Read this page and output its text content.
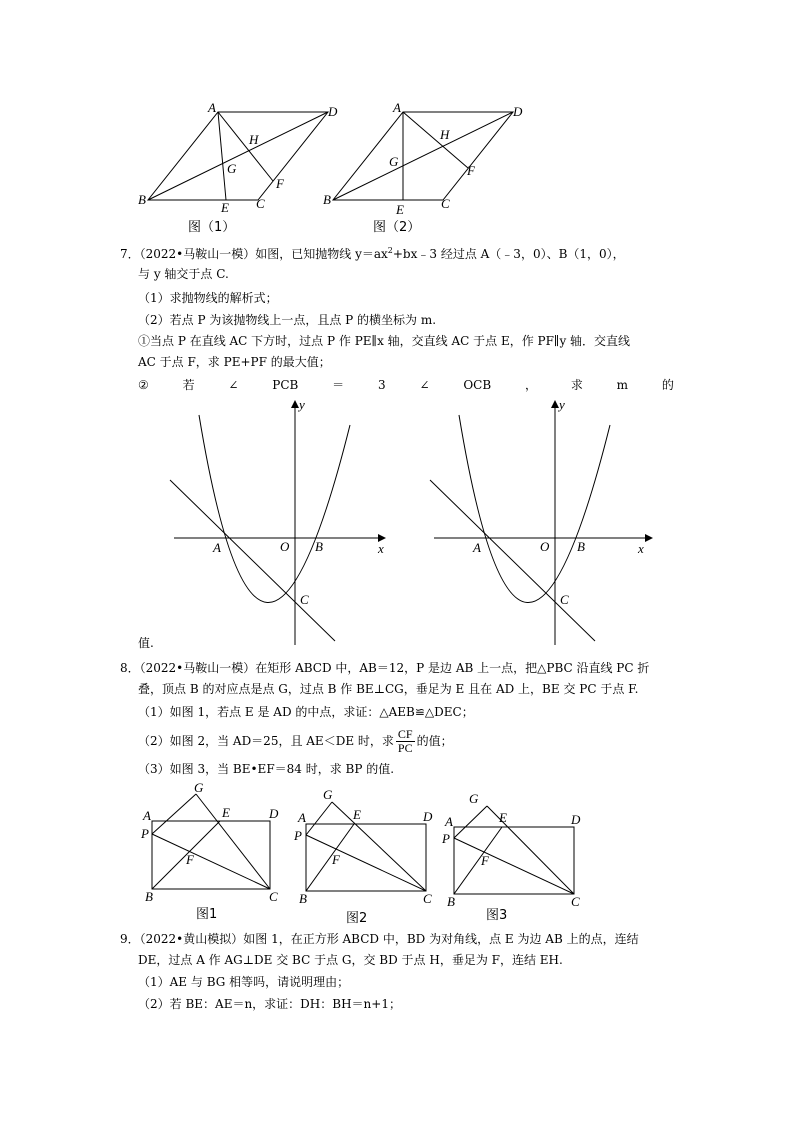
A	D
H
G
F
B
E C
图（1）
A	D
H
G
F
B
E	C
图（2）
7．（2022•马鞍山一模）如图，已知抛物线 $y=ax^2+bx﹣3$ 经过点 A（﹣3，0）、B（1，0），
与 y 轴交于点 C.
（1）求抛物线的解析式；
（2）若点 P 为该抛物线上一点，且点 P 的横坐标为 m.
①当点 P 在直线 AC 下方时，过点 P 作 PE∥x 轴，交直线 AC 于点 E，作 PF∥y 轴．交直线
AC 于点 F，求 PE+PF 的最大值；
②	若	∠	PCB	＝	3	∠	OCB	，	求	m	的
y
x
A	O B
C
y
x
A	O B
C
值.
8．（2022•马鞍山一模）在矩形 ABCD 中，AB＝12，P 是边 AB 上一点，把△PBC 沿直线 PC 折
叠，顶点 B 的对应点是点 G，过点 B 作 BE⊥CG，垂足为 E 且在 AD 上，BE 交 PC 于点 F.
（1）如图 1，若点 E 是 AD 的中点，求证：△AEB≌△DEC；
（2）如图 2，当 AD＝25，且 AE＜DE 时，求 $\frac{CF}{PC}$ 的值；
（3）如图 3，当 BE•EF＝84 时，求 BP 的值.
A
G
E	D
P
F
B	C
图1
A
G
E	D
P
F
B	C
图2
A
G
E	D
P
F
B	C
图3
9．（2022•黄山模拟）如图 1，在正方形 ABCD 中，BD 为对角线，点 E 为边 AB 上的点，连结
DE，过点 A 作 AG⊥DE 交 BC 于点 G，交 BD 于点 H，垂足为 F，连结 EH.
（1）AE 与 BG 相等吗，请说明理由；
（2）若 BE：AE＝n，求证：DH：BH＝n+1；
